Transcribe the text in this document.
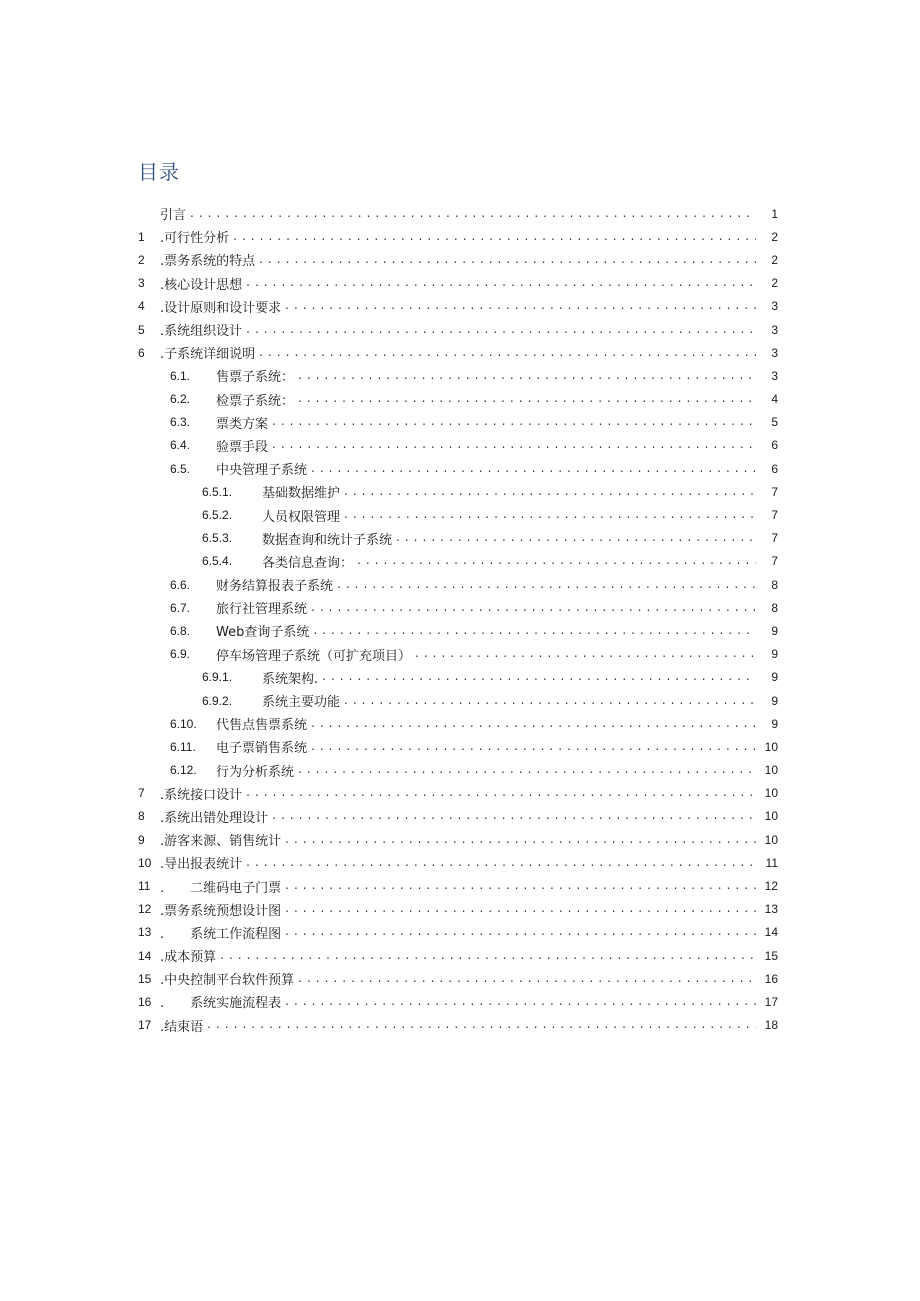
目录
引言 . . .	1
1	.可行性分析 . . .	2
2	.票务系统的特点 . . .	2
3	.核心设计思想 . . .	2
4	.设计原则和设计要求 . . .	3
5	.系统组织设计 . . .	3
6	.子系统详细说明 . . .	3
6.1.	售票子系统： . . .	3
6.2.	检票子系统： . . .	4
6.3.	票类方案 . . .	5
6.4.	验票手段 . . .	6
6.5.	中央管理子系统 . . .	6
6.5.1.	基础数据维护 . . .	7
6.5.2.	人员权限管理 . . .	7
6.5.3.	数据查询和统计子系统 . . .	7
6.5.4.	各类信息查询： . . .	7
6.6.	财务结算报表子系统 . . .	8
6.7.	旅行社管理系统 . . .	8
6.8.	Web查询子系统 . . .	9
6.9.	停车场管理子系统（可扩充项目） . . .	9
6.9.1.	系统架构. . . .	9
6.9.2.	系统主要功能 . . .	9
6.10.	代售点售票系统 . . .	9
6.11.	电子票销售系统 . . .	10
6.12.	行为分析系统 . . .	10
7	.系统接口设计 . . .	10
8	.系统出错处理设计 . . .	10
9	.游客来源、销售统计 . . .	10
10 .导出报表统计 . . .	11
11 .　　二维码电子门票 . . .	12
12 .票务系统预想设计图 . . .	13
13 .　　系统工作流程图 . . .	14
14 .成本预算 . . .	15
15 .中央控制平台软件预算 . . .	16
16 .　　系统实施流程表 . . .	17
17 .结束语 . . .	18
